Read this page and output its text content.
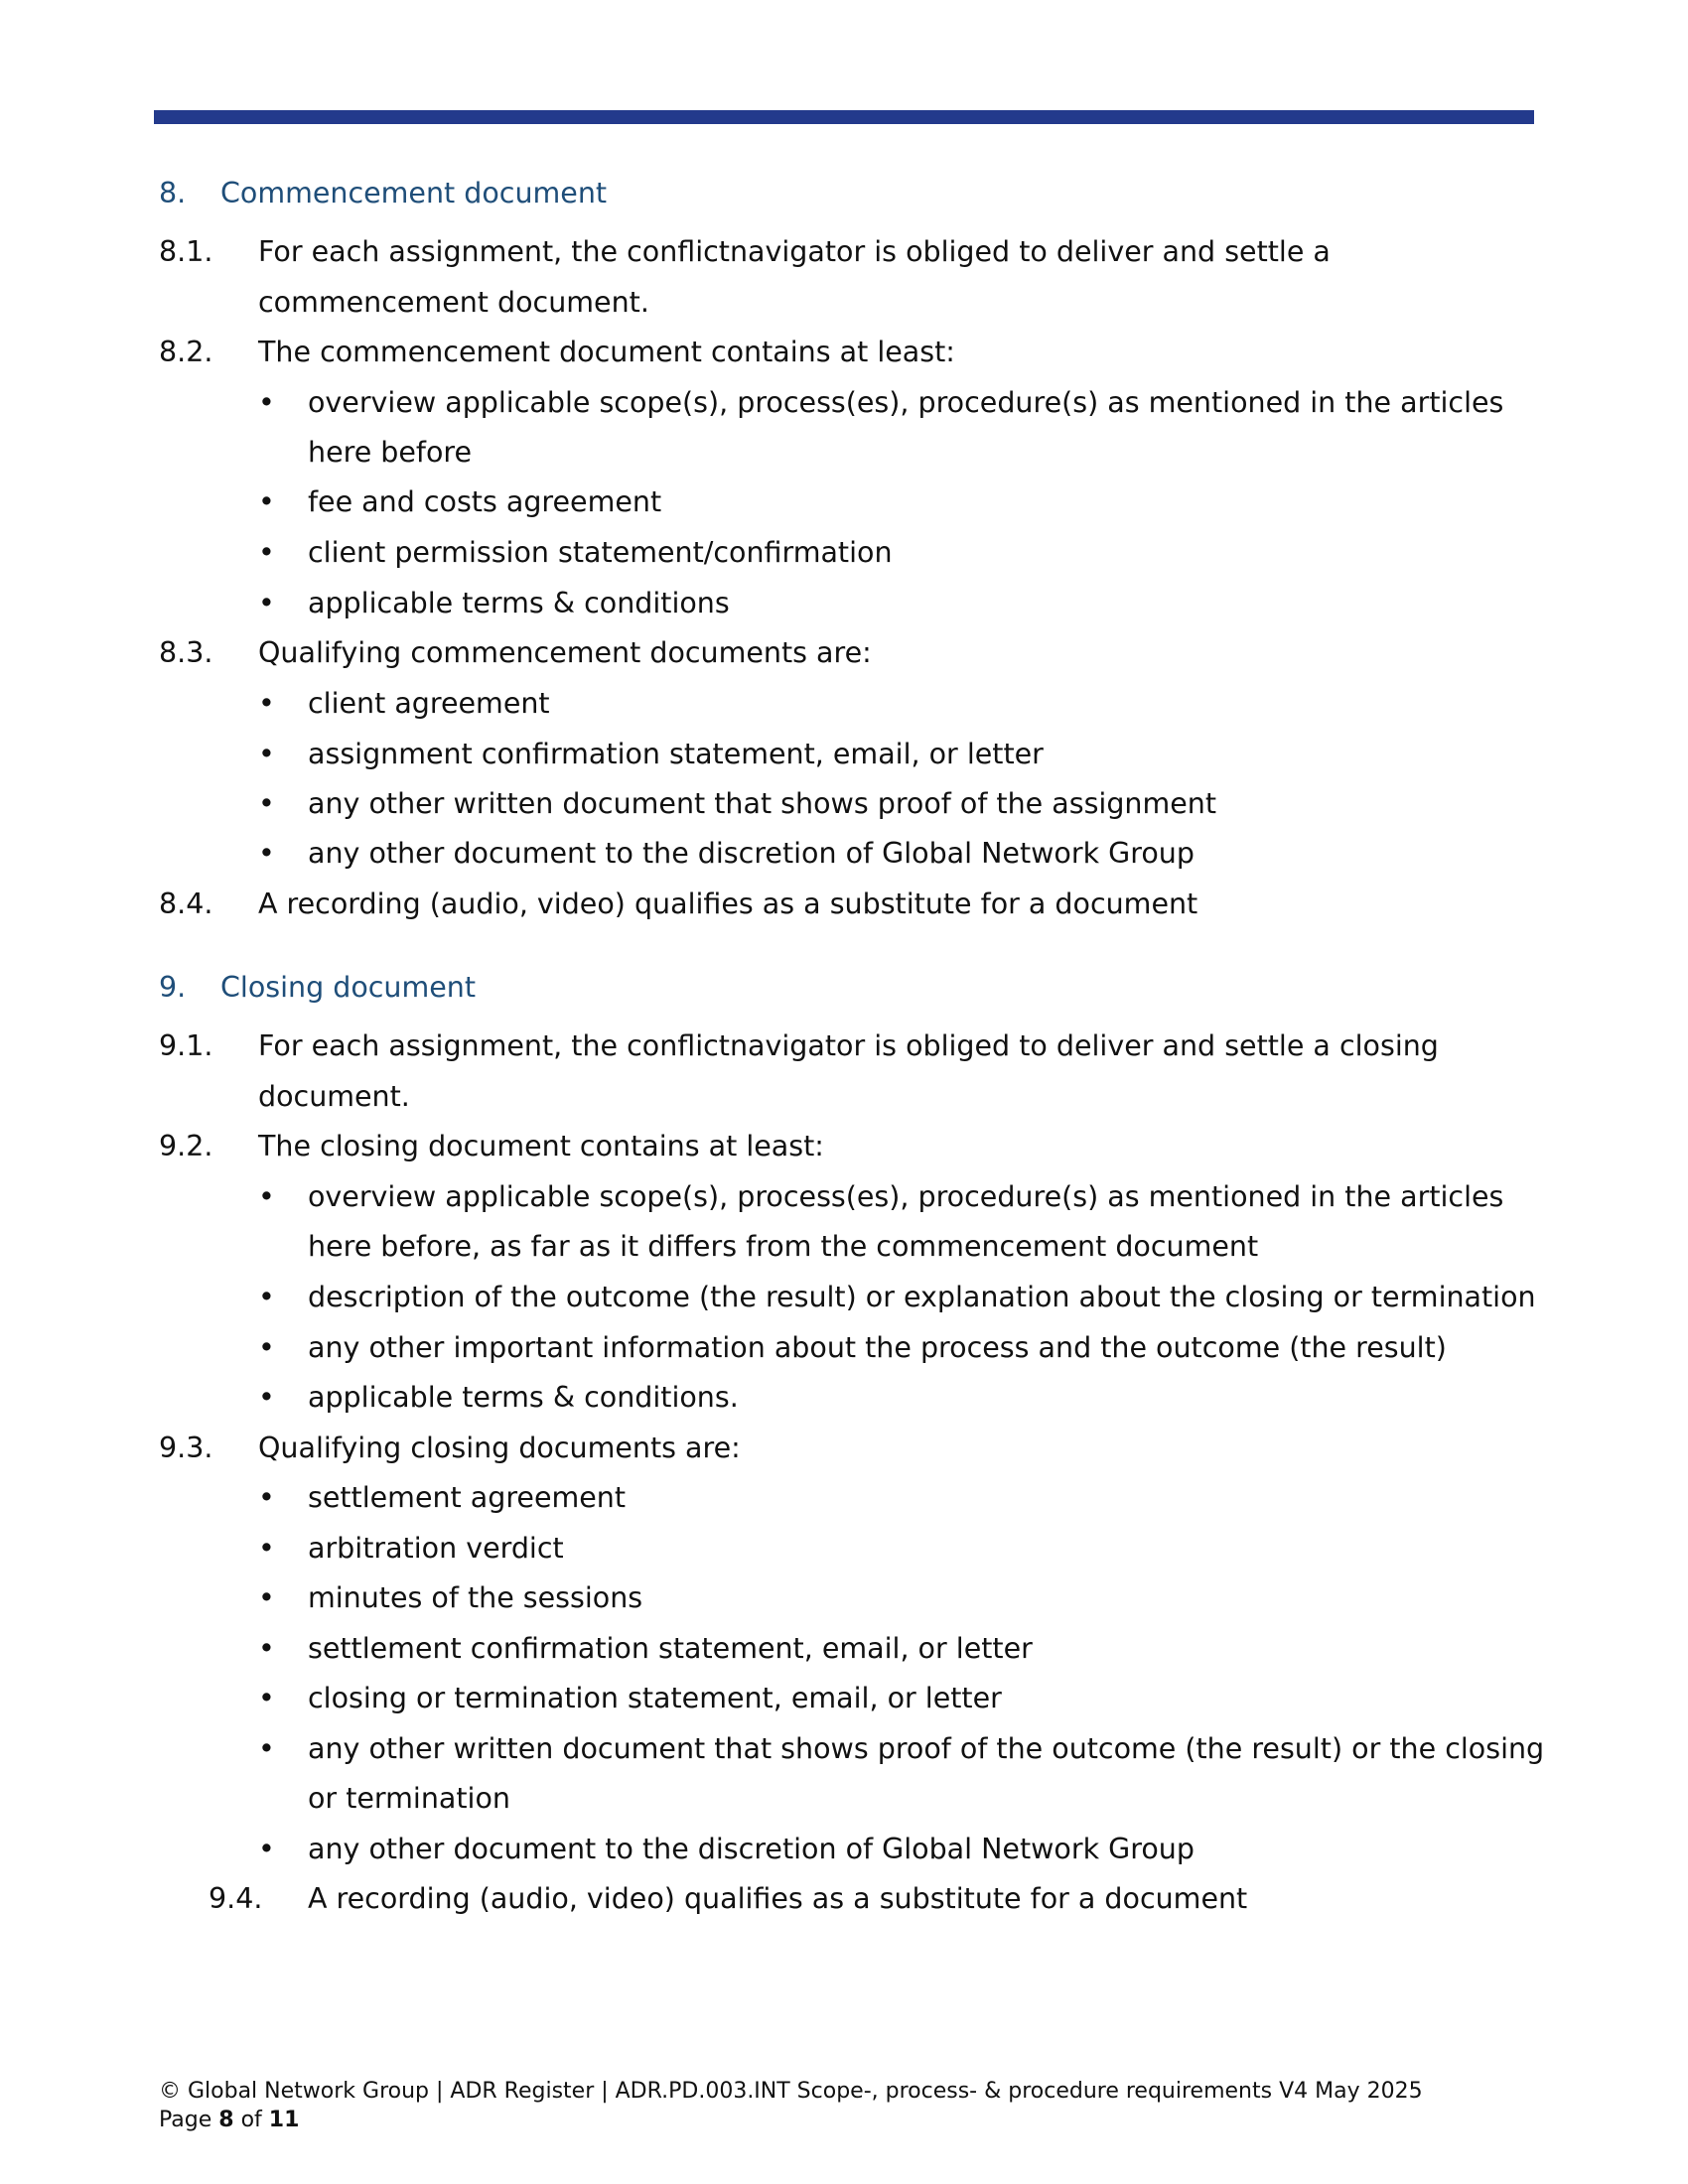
8.	Commencement document
8.1. For each assignment, the conflictnavigator is obliged to deliver and settle a
commencement document.
8.2. The commencement document contains at least:
• overview applicable scope(s), process(es), procedure(s) as mentioned in the articles
here before
• fee and costs agreement
• client permission statement/confirmation
• applicable terms & conditions
8.3. Qualifying commencement documents are:
• client agreement
• assignment confirmation statement, email, or letter
• any other written document that shows proof of the assignment
• any other document to the discretion of Global Network Group
8.4. A recording (audio, video) qualifies as a substitute for a document
9.	Closing document
9.1. For each assignment, the conflictnavigator is obliged to deliver and settle a closing
document.
9.2. The closing document contains at least:
• overview applicable scope(s), process(es), procedure(s) as mentioned in the articles
here before, as far as it differs from the commencement document
• description of the outcome (the result) or explanation about the closing or termination
• any other important information about the process and the outcome (the result)
• applicable terms & conditions.
9.3. Qualifying closing documents are:
• settlement agreement
• arbitration verdict
• minutes of the sessions
• settlement confirmation statement, email, or letter
• closing or termination statement, email, or letter
• any other written document that shows proof of the outcome (the result) or the closing
or termination
• any other document to the discretion of Global Network Group
9.4. A recording (audio, video) qualifies as a substitute for a document
© Global Network Group | ADR Register | ADR.PD.003.INT Scope-, process- & procedure requirements V4 May 2025
Page 8 of 11
